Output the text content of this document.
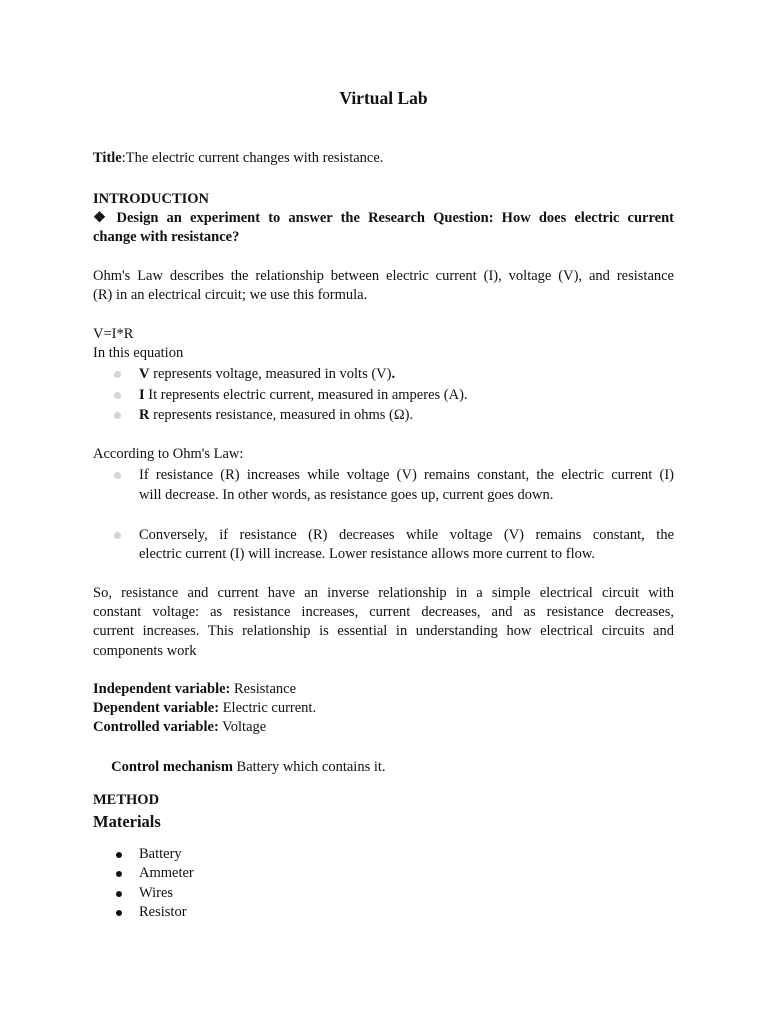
Virtual Lab
Title:The electric current changes with resistance.
INTRODUCTION
❖ Design an experiment to answer the Research Question: How does electric current
change with resistance?
Ohm's Law describes the relationship between electric current (I), voltage (V), and resistance
(R) in an electrical circuit; we use this formula.
V=I*R
In this equation
V represents voltage, measured in volts (V).
I It represents electric current, measured in amperes (A).
R represents resistance, measured in ohms (Ω).
According to Ohm's Law:
If resistance (R) increases while voltage (V) remains constant, the electric current (I)
will decrease. In other words, as resistance goes up, current goes down.
Conversely, if resistance (R) decreases while voltage (V) remains constant, the
electric current (I) will increase. Lower resistance allows more current to flow.
So, resistance and current have an inverse relationship in a simple electrical circuit with
constant voltage: as resistance increases, current decreases, and as resistance decreases,
current increases. This relationship is essential in understanding how electrical circuits and
components work
Independent variable: Resistance
Dependent variable: Electric current.
Controlled variable: Voltage

Control mechanism Battery which contains it.

METHOD
Materials
Battery
Ammeter
Wires
Resistor
